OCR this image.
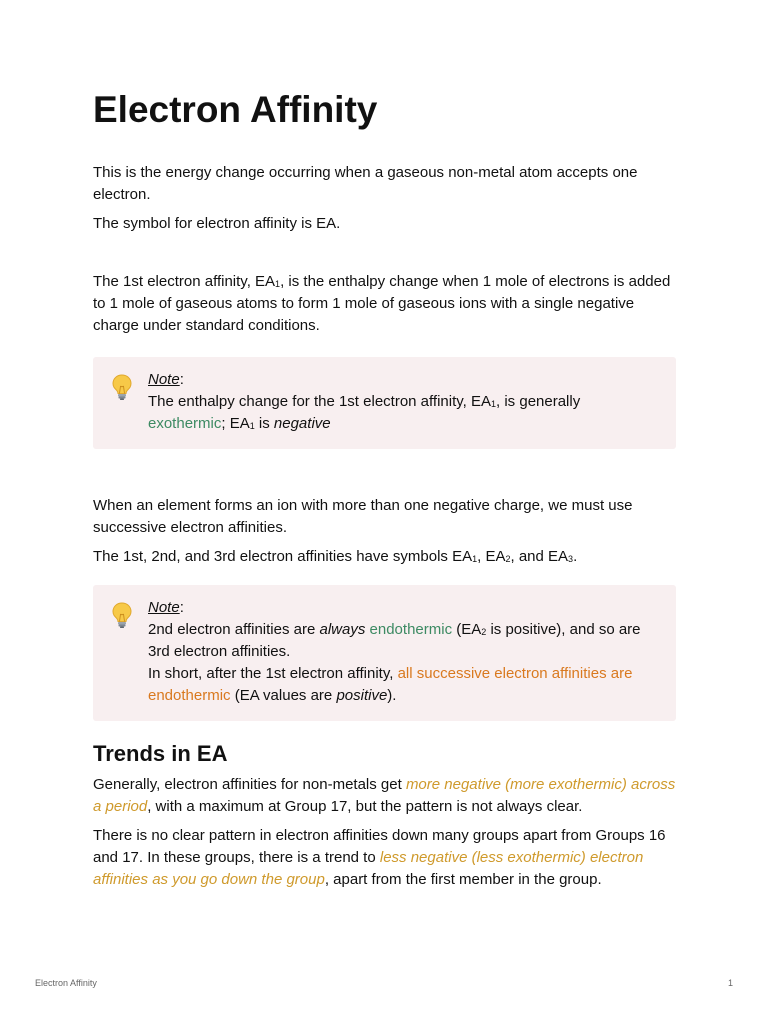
Electron Affinity

This is the energy change occurring when a gaseous non-metal atom accepts one electron.

The symbol for electron affinity is EA.

The 1st electron affinity, $EA_1$, is the enthalpy change when 1 mole of electrons is added to 1 mole of gaseous atoms to form 1 mole of gaseous ions with a single negative charge under standard conditions.

Note:

The enthalpy change for the 1st electron affinity, $EA_1$, is generally exothermic; $EA_1$ is negative

When an element forms an ion with more than one negative charge, we must use successive electron affinities.

The 1st, 2nd, and 3rd electron affinities have symbols $EA_1$, $EA_2$, and $EA_3$.

Note:

2nd electron affinities are always endothermic ($EA_2$ is positive), and so are 3rd electron affinities.

In short, after the 1st electron affinity, all successive electron affinities are endothermic (EA values are positive).

Trends in EA

Generally, electron affinities for non-metals get more negative (more exothermic) across a period, with a maximum at Group 17, but the pattern is not always clear.

There is no clear pattern in electron affinities down many groups apart from Groups 16 and 17. In these groups, there is a trend to less negative (less exothermic) electron affinities as you go down the group, apart from the first member in the group.

Electron Affinity	1
